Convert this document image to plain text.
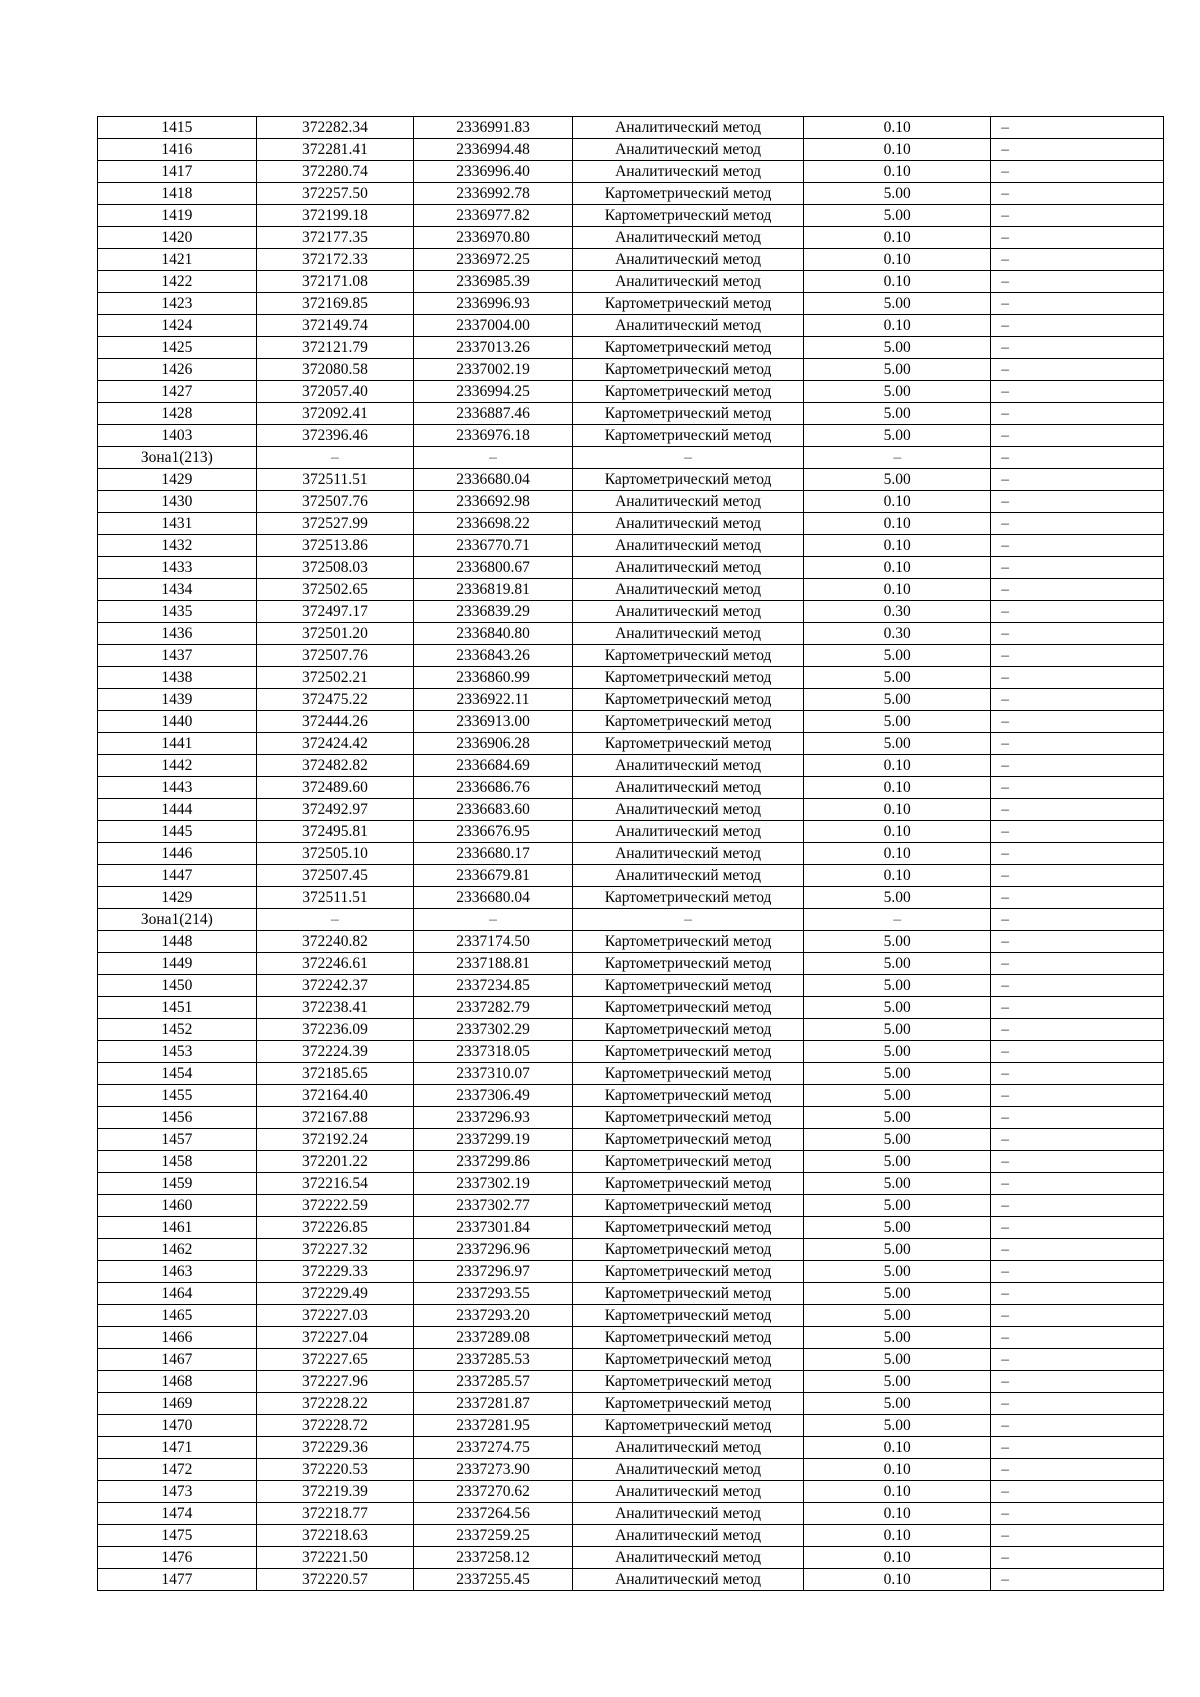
1415	372282.34	2336991.83	Аналитический метод	0.10	–
1416	372281.41	2336994.48	Аналитический метод	0.10	–
1417	372280.74	2336996.40	Аналитический метод	0.10	–
1418	372257.50	2336992.78	Картометрический метод	5.00	–
1419	372199.18	2336977.82	Картометрический метод	5.00	–
1420	372177.35	2336970.80	Аналитический метод	0.10	–
1421	372172.33	2336972.25	Аналитический метод	0.10	–
1422	372171.08	2336985.39	Аналитический метод	0.10	–
1423	372169.85	2336996.93	Картометрический метод	5.00	–
1424	372149.74	2337004.00	Аналитический метод	0.10	–
1425	372121.79	2337013.26	Картометрический метод	5.00	–
1426	372080.58	2337002.19	Картометрический метод	5.00	–
1427	372057.40	2336994.25	Картометрический метод	5.00	–
1428	372092.41	2336887.46	Картометрический метод	5.00	–
1403	372396.46	2336976.18	Картометрический метод	5.00	–
Зона1(213)	–	–	–	–	–
1429	372511.51	2336680.04	Картометрический метод	5.00	–
1430	372507.76	2336692.98	Аналитический метод	0.10	–
1431	372527.99	2336698.22	Аналитический метод	0.10	–
1432	372513.86	2336770.71	Аналитический метод	0.10	–
1433	372508.03	2336800.67	Аналитический метод	0.10	–
1434	372502.65	2336819.81	Аналитический метод	0.10	–
1435	372497.17	2336839.29	Аналитический метод	0.30	–
1436	372501.20	2336840.80	Аналитический метод	0.30	–
1437	372507.76	2336843.26	Картометрический метод	5.00	–
1438	372502.21	2336860.99	Картометрический метод	5.00	–
1439	372475.22	2336922.11	Картометрический метод	5.00	–
1440	372444.26	2336913.00	Картометрический метод	5.00	–
1441	372424.42	2336906.28	Картометрический метод	5.00	–
1442	372482.82	2336684.69	Аналитический метод	0.10	–
1443	372489.60	2336686.76	Аналитический метод	0.10	–
1444	372492.97	2336683.60	Аналитический метод	0.10	–
1445	372495.81	2336676.95	Аналитический метод	0.10	–
1446	372505.10	2336680.17	Аналитический метод	0.10	–
1447	372507.45	2336679.81	Аналитический метод	0.10	–
1429	372511.51	2336680.04	Картометрический метод	5.00	–
Зона1(214)	–	–	–	–	–
1448	372240.82	2337174.50	Картометрический метод	5.00	–
1449	372246.61	2337188.81	Картометрический метод	5.00	–
1450	372242.37	2337234.85	Картометрический метод	5.00	–
1451	372238.41	2337282.79	Картометрический метод	5.00	–
1452	372236.09	2337302.29	Картометрический метод	5.00	–
1453	372224.39	2337318.05	Картометрический метод	5.00	–
1454	372185.65	2337310.07	Картометрический метод	5.00	–
1455	372164.40	2337306.49	Картометрический метод	5.00	–
1456	372167.88	2337296.93	Картометрический метод	5.00	–
1457	372192.24	2337299.19	Картометрический метод	5.00	–
1458	372201.22	2337299.86	Картометрический метод	5.00	–
1459	372216.54	2337302.19	Картометрический метод	5.00	–
1460	372222.59	2337302.77	Картометрический метод	5.00	–
1461	372226.85	2337301.84	Картометрический метод	5.00	–
1462	372227.32	2337296.96	Картометрический метод	5.00	–
1463	372229.33	2337296.97	Картометрический метод	5.00	–
1464	372229.49	2337293.55	Картометрический метод	5.00	–
1465	372227.03	2337293.20	Картометрический метод	5.00	–
1466	372227.04	2337289.08	Картометрический метод	5.00	–
1467	372227.65	2337285.53	Картометрический метод	5.00	–
1468	372227.96	2337285.57	Картометрический метод	5.00	–
1469	372228.22	2337281.87	Картометрический метод	5.00	–
1470	372228.72	2337281.95	Картометрический метод	5.00	–
1471	372229.36	2337274.75	Аналитический метод	0.10	–
1472	372220.53	2337273.90	Аналитический метод	0.10	–
1473	372219.39	2337270.62	Аналитический метод	0.10	–
1474	372218.77	2337264.56	Аналитический метод	0.10	–
1475	372218.63	2337259.25	Аналитический метод	0.10	–
1476	372221.50	2337258.12	Аналитический метод	0.10	–
1477	372220.57	2337255.45	Аналитический метод	0.10	–
